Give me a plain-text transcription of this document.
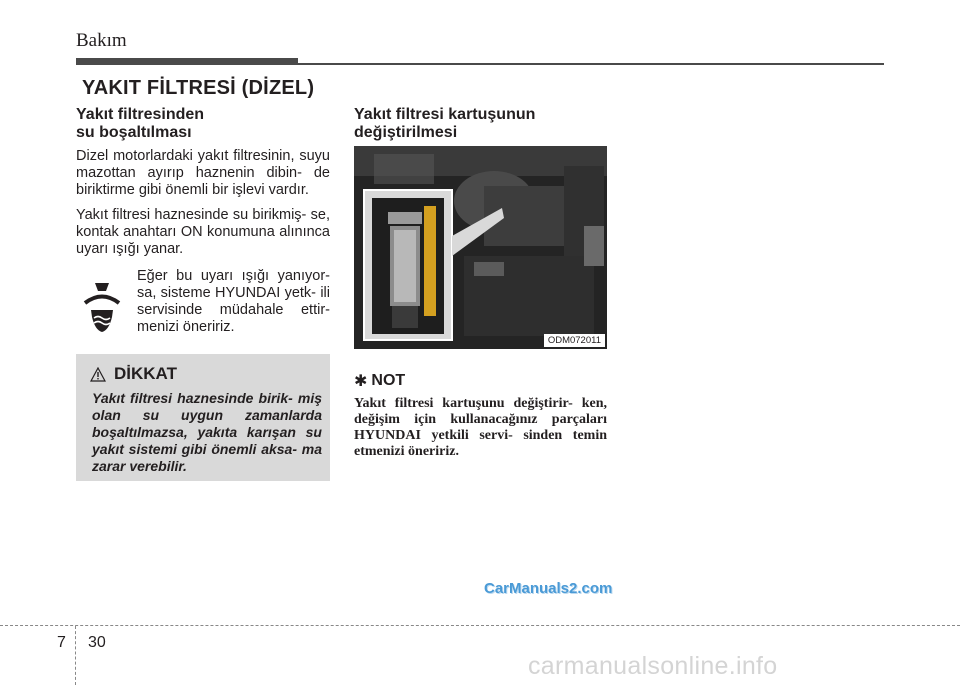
Bakım
YAKIT FİLTRESİ (DİZEL)
Yakıt filtresinden
su boşaltılması

Dizel motorlardaki yakıt filtresinin, suyu mazottan ayırıp haznenin dibin- de biriktirme gibi önemli bir işlevi vardır.

Yakıt filtresi haznesinde su birikmiş- se, kontak anahtarı ON konumuna alınınca uyarı ışığı yanar.

Eğer bu uyarı ışığı yanıyor- sa, sisteme HYUNDAI yetk- ili servisinde müdahale ettir- menizi öneririz.
DİKKAT
Yakıt filtresi haznesinde birik- miş olan su uygun zamanlarda boşaltılmazsa, yakıta karışan su yakıt sistemi gibi önemli aksa- ma zarar verebilir.
Yakıt filtresi kartuşunun
değiştirilmesi
ODM072011
✱ NOT
Yakıt filtresi kartuşunu değiştirir- ken, değişim için kullanacağınız parçaları HYUNDAI yetkili servi- sinden temin etmenizi öneririz.
CarManuals2.com
7 30
carmanualsonline.info
